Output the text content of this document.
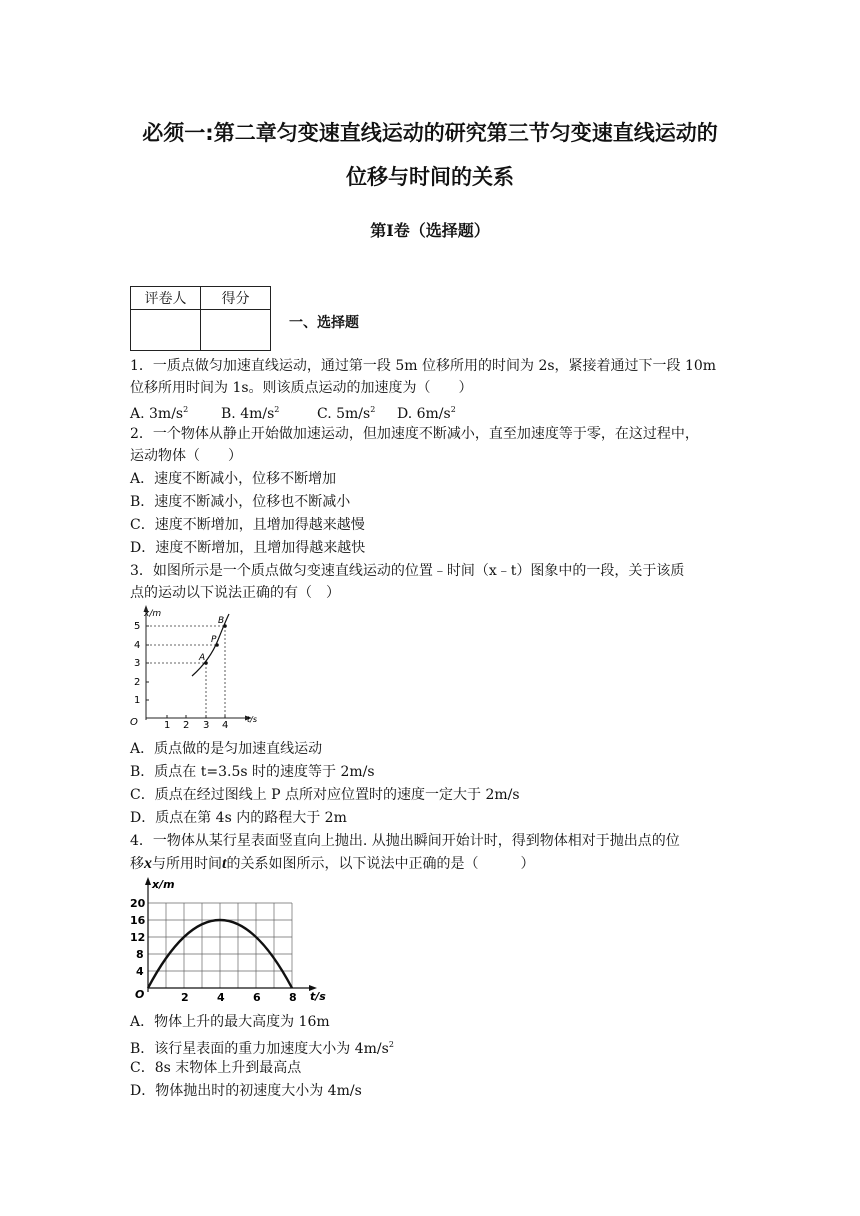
必须一:第二章匀变速直线运动的研究第三节匀变速直线运动的
位移与时间的关系
第Ⅰ卷（选择题）
评卷人	得分

一、选择题
1．一质点做匀加速直线运动，通过第一段 5m 位移所用的时间为 2s，紧接着通过下一段 10m
位移所用时间为 1s。则该质点运动的加速度为（　　）
A. $3m/s^2$ B. $4m/s^2$	C. $5m/s^2$ D. $6m/s^2$
2．一个物体从静止开始做加速运动，但加速度不断减小，直至加速度等于零，在这过程中，
运动物体（　　）
A．速度不断减小，位移不断增加
B．速度不断减小，位移也不断减小
C．速度不断增加，且增加得越来越慢
D．速度不断增加，且增加得越来越快
3．如图所示是一个质点做匀变速直线运动的位置﹣时间（x﹣t）图象中的一段，关于该质
点的运动以下说法正确的有（　）
x/m
t/s
O
5
4
3
2
1
1 2 3 4
A
P
B
A．质点做的是匀加速直线运动
B．质点在 t=3.5s 时的速度等于 2m/s
C．质点在经过图线上 P 点所对应位置时的速度一定大于 2m/s
D．质点在第 4s 内的路程大于 2m
4．一物体从某行星表面竖直向上抛出. 从抛出瞬间开始计时，得到物体相对于抛出点的位
移x与所用时间t的关系如图所示，以下说法中正确的是（　　　）
x/m
t/s
O
20
16
12
8
4
2	4	6	8
A．物体上升的最大高度为 16m
B．该行星表面的重力加速度大小为 $4m/s^2$
C．8s 末物体上升到最高点
D．物体抛出时的初速度大小为 4m/s
